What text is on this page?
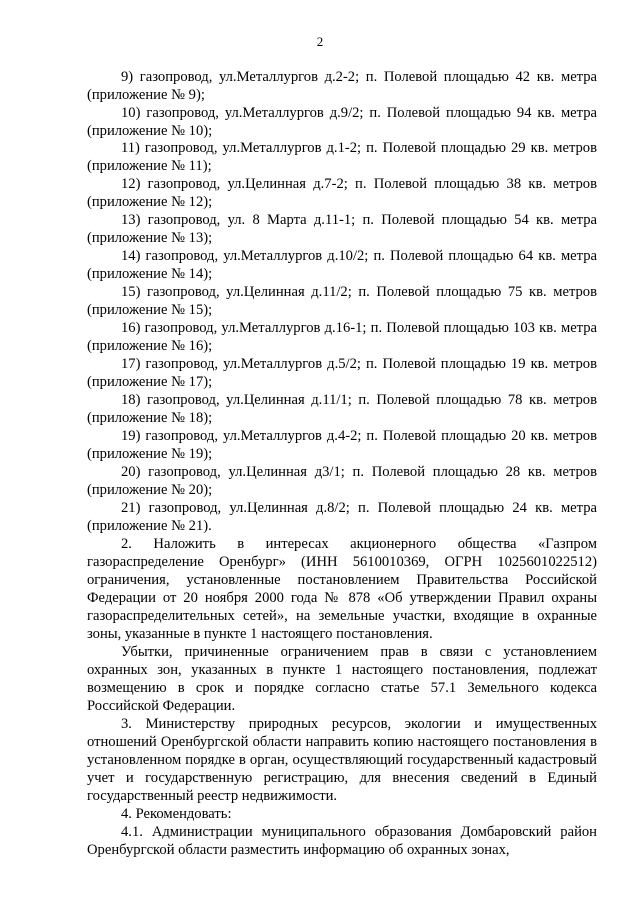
2
9) газопровод, ул.Металлургов д.2-2; п. Полевой площадью 42 кв. метра (приложение № 9);
10) газопровод, ул.Металлургов д.9/2; п. Полевой площадью 94 кв. метра (приложение № 10);
11) газопровод, ул.Металлургов д.1-2; п. Полевой площадью 29 кв. метров (приложение № 11);
12) газопровод, ул.Целинная д.7-2; п. Полевой площадью 38 кв. метров (приложение № 12);
13) газопровод, ул. 8 Марта д.11-1; п. Полевой площадью 54 кв. метра (приложение № 13);
14) газопровод, ул.Металлургов д.10/2; п. Полевой площадью 64 кв. метра (приложение № 14);
15) газопровод, ул.Целинная д.11/2; п. Полевой площадью 75 кв. метров (приложение № 15);
16) газопровод, ул.Металлургов д.16-1; п. Полевой площадью 103 кв. метра (приложение № 16);
17) газопровод, ул.Металлургов д.5/2; п. Полевой площадью 19 кв. метров (приложение № 17);
18) газопровод, ул.Целинная д.11/1; п. Полевой площадью 78 кв. метров (приложение № 18);
19) газопровод, ул.Металлургов д.4-2; п. Полевой площадью 20 кв. метров (приложение № 19);
20) газопровод, ул.Целинная д3/1; п. Полевой площадью 28 кв. метров (приложение № 20);
21) газопровод, ул.Целинная д.8/2; п. Полевой площадью 24 кв. метра (приложение № 21).
2. Наложить в интересах акционерного общества «Газпром газораспределение Оренбург» (ИНН 5610010369, ОГРН 1025601022512) ограничения, установленные постановлением Правительства Российской Федерации от 20 ноября 2000 года № 878 «Об утверждении Правил охраны газораспределительных сетей», на земельные участки, входящие в охранные зоны, указанные в пункте 1 настоящего постановления.
Убытки, причиненные ограничением прав в связи с установлением охранных зон, указанных в пункте 1 настоящего постановления, подлежат возмещению в срок и порядке согласно статье 57.1 Земельного кодекса Российской Федерации.
3. Министерству природных ресурсов, экологии и имущественных отношений Оренбургской области направить копию настоящего постановления в установленном порядке в орган, осуществляющий государственный кадастровый учет и государственную регистрацию, для внесения сведений в Единый государственный реестр недвижимости.
4. Рекомендовать:
4.1. Администрации муниципального образования Домбаровский район Оренбургской области разместить информацию об охранных зонах,
